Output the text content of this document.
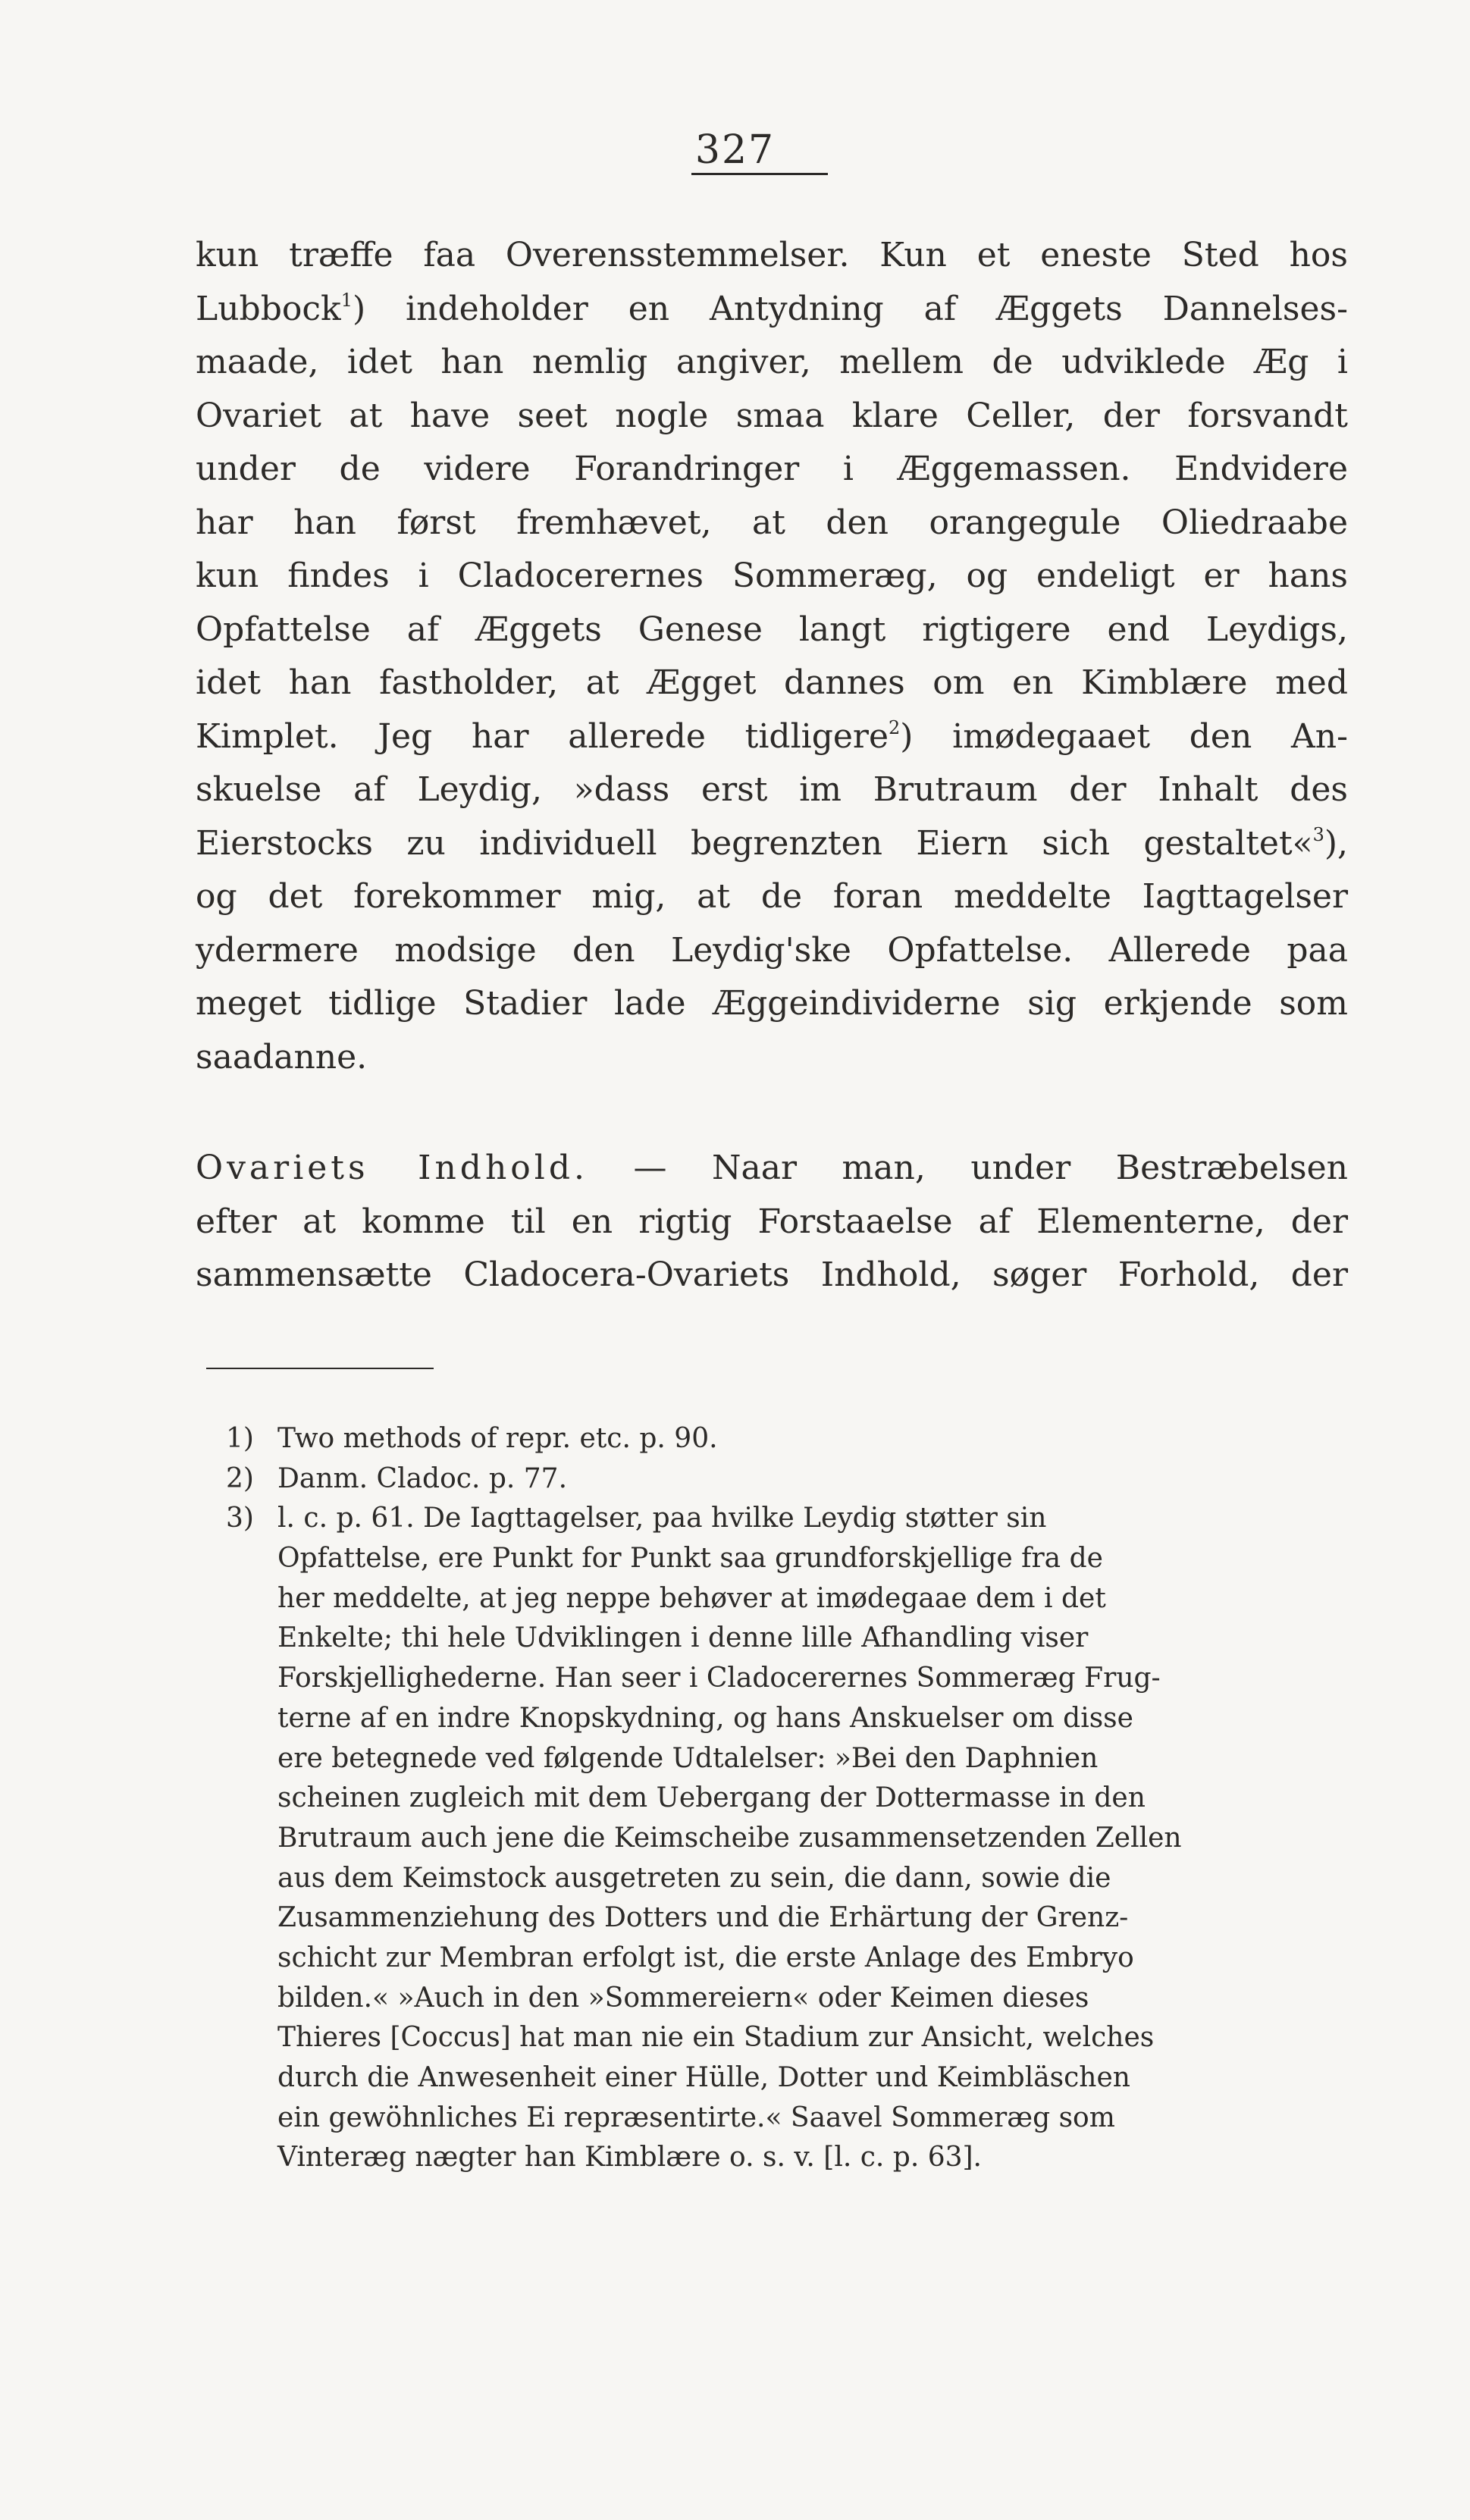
327
kun træffe faa Overensstemmelser. Kun et eneste Sted hos
Lubbock$^1$) indeholder en Antydning af Æggets Dannelses-
maade, idet han nemlig angiver, mellem de udviklede Æg i
Ovariet at have seet nogle smaa klare Celler, der forsvandt
under de videre Forandringer i Æggemassen. Endvidere
har han først fremhævet, at den orangegule Oliedraabe
kun findes i Cladocerernes Sommeræg, og endeligt er hans
Opfattelse af Æggets Genese langt rigtigere end Leydigs,
idet han fastholder, at Ægget dannes om en Kimblære med
Kimplet. Jeg har allerede tidligere$^2$) imødegaaet den An-
skuelse af Leydig, »dass erst im Brutraum der Inhalt des
Eierstocks zu individuell begrenzten Eiern sich gestaltet«$^3$),
og det forekommer mig, at de foran meddelte Iagttagelser
ydermere modsige den Leydig'ske Opfattelse. Allerede paa
meget tidlige Stadier lade Æggeindividerne sig erkjende som
saadanne.
Ovariets Indhold. — Naar man, under Bestræbelsen
efter at komme til en rigtig Forstaaelse af Elementerne, der
sammensætte Cladocera-Ovariets Indhold, søger Forhold, der
1) Two methods of repr. etc. p. 90.
2) Danm. Cladoc. p. 77.
3) l. c. p. 61. De Iagttagelser, paa hvilke Leydig støtter sin
Opfattelse, ere Punkt for Punkt saa grundforskjellige fra de
her meddelte, at jeg neppe behøver at imødegaae dem i det
Enkelte; thi hele Udviklingen i denne lille Afhandling viser
Forskjellighederne. Han seer i Cladocerernes Sommeræg Frug-
terne af en indre Knopskydning, og hans Anskuelser om disse
ere betegnede ved følgende Udtalelser: »Bei den Daphnien
scheinen zugleich mit dem Uebergang der Dottermasse in den
Brutraum auch jene die Keimscheibe zusammensetzenden Zellen
aus dem Keimstock ausgetreten zu sein, die dann, sowie die
Zusammenziehung des Dotters und die Erhärtung der Grenz-
schicht zur Membran erfolgt ist, die erste Anlage des Embryo
bilden.« »Auch in den »Sommereiern« oder Keimen dieses
Thieres [Coccus] hat man nie ein Stadium zur Ansicht, welches
durch die Anwesenheit einer Hülle, Dotter und Keimbläschen
ein gewöhnliches Ei repræsentirte.« Saavel Sommeræg som
Vinteræg nægter han Kimblære o. s. v. [l. c. p. 63].
